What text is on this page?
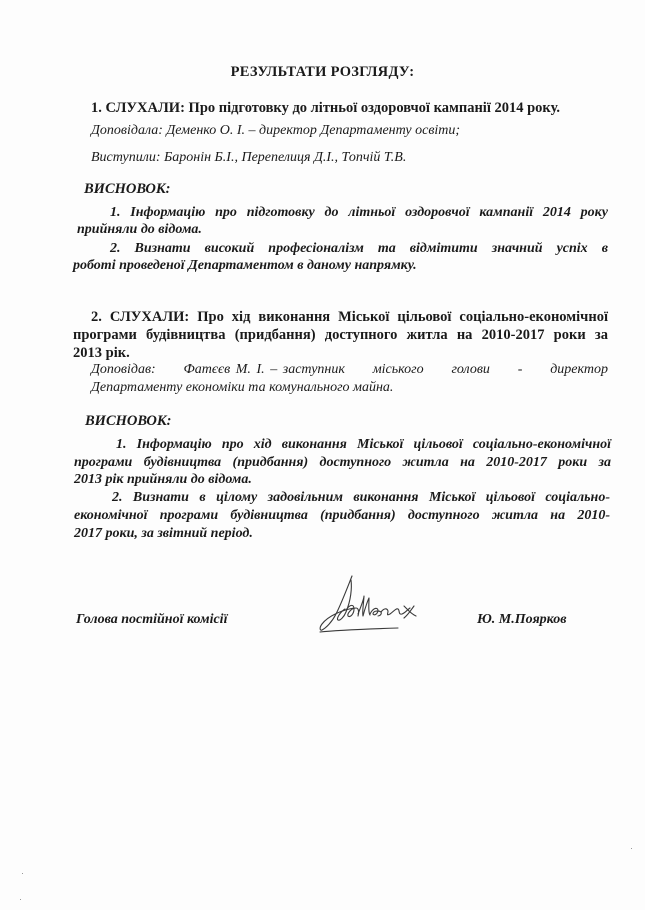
РЕЗУЛЬТАТИ РОЗГЛЯДУ:
1. СЛУХАЛИ: Про підготовку до літньої оздоровчої кампанії 2014 року.
Доповідала: Деменко О. І. – директор Департаменту освіти;
Виступили: Баронін Б.І., Перепелиця Д.І., Топчій Т.В.
ВИСНОВОК:
1. Інформацію про підготовку до літньої оздоровчої кампанії 2014 року
прийняли до відома.
2. Визнати високий професіоналізм та відмітити значний успіх в
роботі проведеної Департаментом в даному напрямку.
2. СЛУХАЛИ: Про хід виконання Міської цільової соціально-економічної
програми будівництва (придбання) доступного житла на 2010-2017 роки за
2013 рік.
Доповідав:     Фатєєв М. І. – заступник     міського     голови     -     директор
Департаменту економіки та комунального майна.
ВИСНОВОК:
1. Інформацію про хід виконання Міської цільової соціально-економічної
програми будівництва (придбання) доступного житла на 2010-2017 роки за
2013 рік прийняли до відома.
2. Визнати в цілому задовільним виконання Міської цільової соціально-
економічної програми будівництва (придбання) доступного житла на 2010-
2017 роки, за звітний період.
Голова постійної комісії	Ю. М.Поярков
